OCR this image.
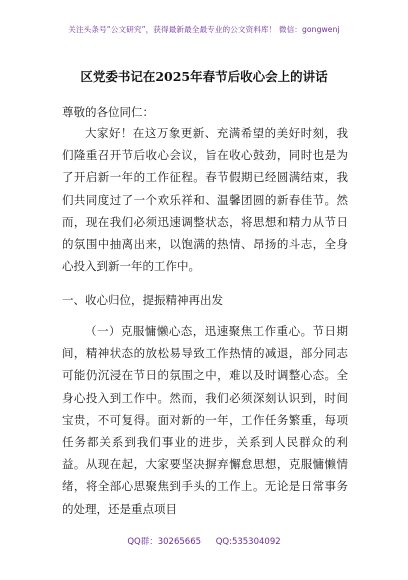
关注头条号“公文研究”，获得最新最全最专业的公文资料库！ 微信：gongwenj
区党委书记在2025年春节后收心会上的讲话
尊敬的各位同仁：
大家好！在这万象更新、充满希望的美好时刻，我们隆重召开节后收心会议，旨在收心鼓劲，同时也是为了开启新一年的工作征程。春节假期已经圆满结束，我们共同度过了一个欢乐祥和、温馨团圆的新春佳节。然而，现在我们必须迅速调整状态，将思想和精力从节日的氛围中抽离出来，以饱满的热情、昂扬的斗志，全身心投入到新一年的工作中。
一、收心归位，提振精神再出发
（一）克服慵懒心态，迅速聚焦工作重心。节日期间，精神状态的放松易导致工作热情的减退，部分同志可能仍沉浸在节日的氛围之中，难以及时调整心态。全身心投入到工作中。然而，我们必须深刻认识到，时间宝贵，不可复得。面对新的一年，工作任务繁重，每项任务都关系到我们事业的进步，关系到人民群众的利益。从现在起，大家要坚决摒弃懈怠思想，克服慵懒情绪，将全部心思聚焦到手头的工作上。无论是日常事务的处理，还是重点项目
QQ群：30265665 QQ:535304092
